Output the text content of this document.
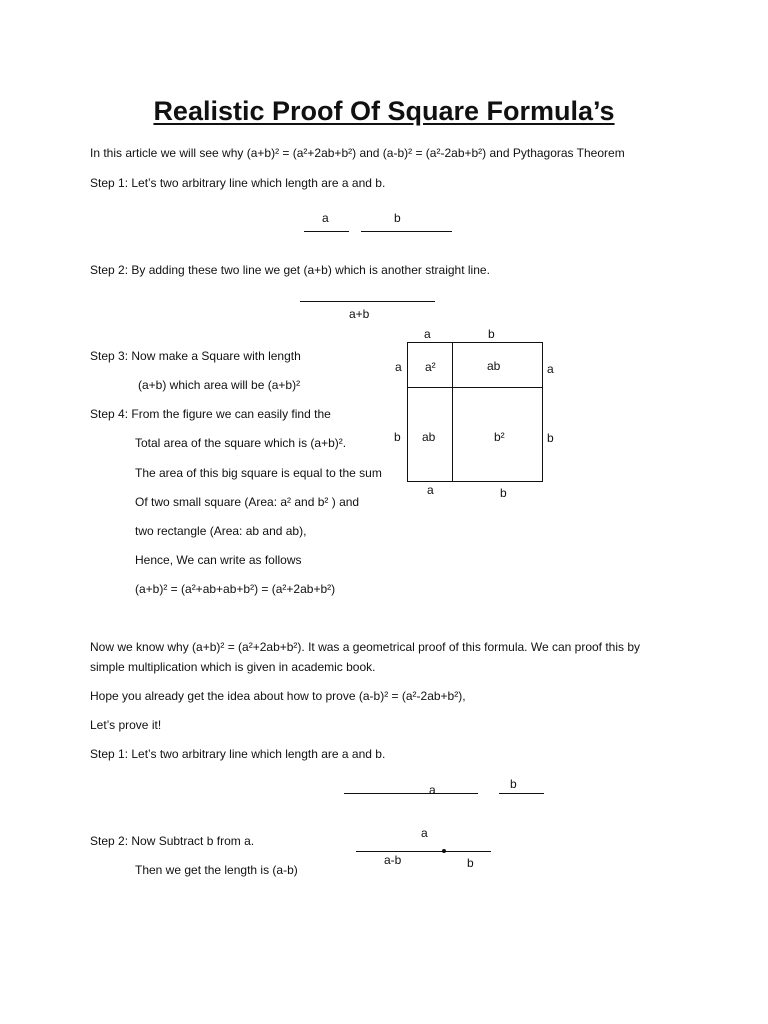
Realistic Proof Of Square Formula’s
In this article we will see why (a+b)² = (a²+2ab+b²) and (a-b)² = (a²-2ab+b²) and Pythagoras Theorem
Step 1: Let’s two arbitrary line which length are a and b.
a	b
Step 2: By adding these two line we get (a+b) which is another straight line.
a+b
Step 3: Now make a Square with length
(a+b) which area will be (a+b)²
Step 4: From the figure we can easily find the
Total area of the square which is (a+b)².
The area of this big square is equal to the sum
Of two small square (Area: a² and b² ) and
two rectangle (Area: ab and ab),
Hence, We can write as follows
(a+b)² = (a²+ab+ab+b²) = (a²+2ab+b²)
a	b
a
b
a
b
a	b
a²	ab
ab	b²
Now we know why (a+b)² = (a²+2ab+b²). It was a geometrical proof of this formula. We can proof this by
simple multiplication which is given in academic book.
Hope you already get the idea about how to prove (a-b)² = (a²-2ab+b²),
Let’s prove it!
Step 1: Let’s two arbitrary line which length are a and b.
a	b
Step 2: Now Subtract b from a.
Then we get the length is (a-b)
a
a-b	b
